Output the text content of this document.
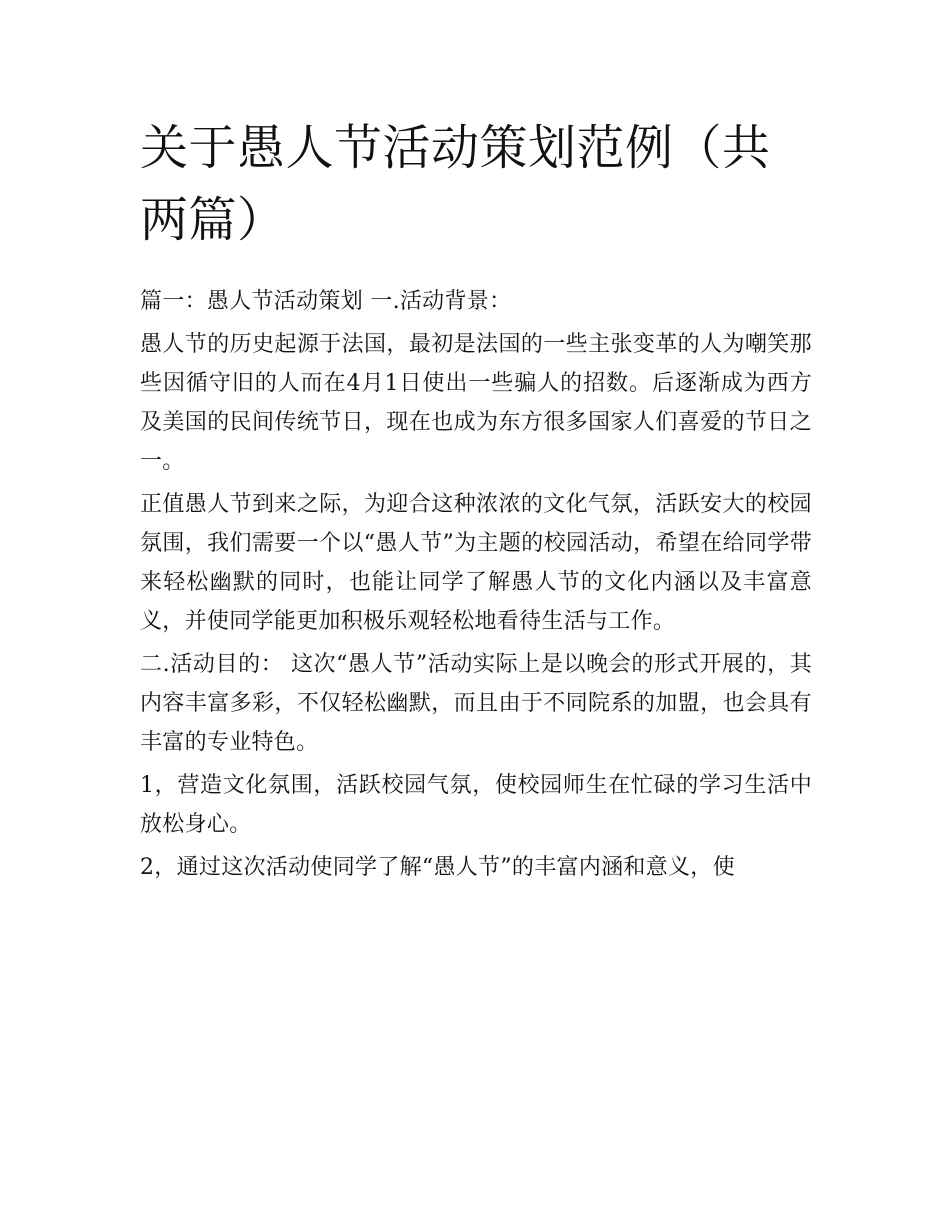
关于愚人节活动策划范例（共两篇）

篇一：愚人节活动策划 一.活动背景：

愚人节的历史起源于法国，最初是法国的一些主张变革的人为嘲笑那些因循守旧的人而在4月1日使出一些骗人的招数。后逐渐成为西方及美国的民间传统节日，现在也成为东方很多国家人们喜爱的节日之一。

正值愚人节到来之际，为迎合这种浓浓的文化气氛，活跃安大的校园氛围，我们需要一个以“愚人节”为主题的校园活动，希望在给同学带来轻松幽默的同时，也能让同学了解愚人节的文化内涵以及丰富意义，并使同学能更加积极乐观轻松地看待生活与工作。

二.活动目的： 这次“愚人节”活动实际上是以晚会的形式开展的，其内容丰富多彩，不仅轻松幽默，而且由于不同院系的加盟，也会具有丰富的专业特色。

1，营造文化氛围，活跃校园气氛，使校园师生在忙碌的学习生活中放松身心。

2，通过这次活动使同学了解“愚人节”的丰富内涵和意义，使
